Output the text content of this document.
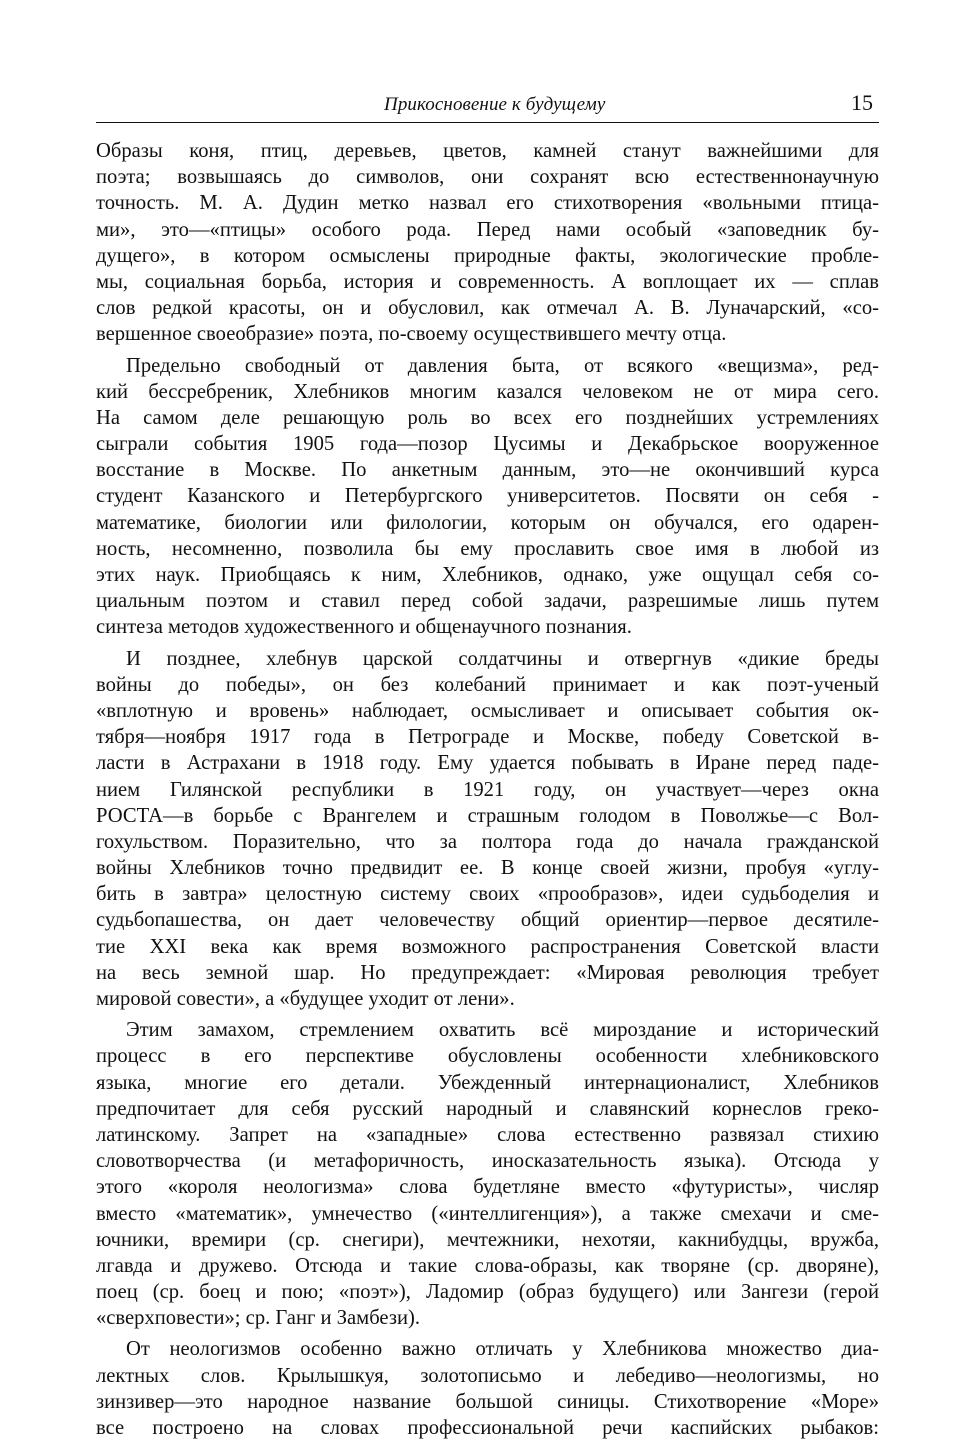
Прикосновение к будущему	15
Образы коня, птиц, деревьев, цветов, камней станут важнейшими для
поэта; возвышаясь до символов, они сохранят всю естественнонаучную
точность. М. А. Дудин метко назвал его стихотворения «вольными птица-
ми», это—«птицы» особого рода. Перед нами особый «заповедник бу-
дущего», в котором осмыслены природные факты, экологические пробле-
мы, социальная борьба, история и современность. А воплощает их — сплав
слов редкой красоты, он и обусловил, как отмечал А. В. Луначарский, «со-
вершенное своеобразие» поэта, по-своему осуществившего мечту отца.
Предельно свободный от давления быта, от всякого «вещизма», ред-
кий бессребреник, Хлебников многим казался человеком не от мира сего.
На самом деле решающую роль во всех его позднейших устремлениях
сыграли события 1905 года—позор Цусимы и Декабрьское вооруженное
восстание в Москве. По анкетным данным, это—не окончивший курса
студент Казанского и Петербургского университетов. Посвяти он себя -
математике, биологии или филологии, которым он обучался, его одарен-
ность, несомненно, позволила бы ему прославить свое имя в любой из
этих наук. Приобщаясь к ним, Хлебников, однако, уже ощущал себя со-
циальным поэтом и ставил перед собой задачи, разрешимые лишь путем
синтеза методов художественного и общенаучного познания.
И позднее, хлебнув царской солдатчины и отвергнув «дикие бреды
войны до победы», он без колебаний принимает и как поэт-ученый
«вплотную и вровень» наблюдает, осмысливает и описывает события ок-
тября—ноября 1917 года в Петрограде и Москве, победу Советской в-
ласти в Астрахани в 1918 году. Ему удается побывать в Иране перед паде-
нием Гилянской республики в 1921 году, он участвует—через окна
РОСТА—в борьбе с Врангелем и страшным голодом в Поволжье—с Вол-
гохульством. Поразительно, что за полтора года до начала гражданской
войны Хлебников точно предвидит ее. В конце своей жизни, пробуя «углу-
бить в завтра» целостную систему своих «прообразов», идеи судьбоделия и
судьбопашества, он дает человечеству общий ориентир—первое десятиле-
тие XXI века как время возможного распространения Советской власти
на весь земной шар. Но предупреждает: «Мировая революция требует
мировой совести», а «будущее уходит от лени».
Этим замахом, стремлением охватить всё мироздание и исторический
процесс в его перспективе обусловлены особенности хлебниковского
языка, многие его детали. Убежденный интернационалист, Хлебников
предпочитает для себя русский народный и славянский корнеслов греко-
латинскому. Запрет на «западные» слова естественно развязал стихию
словотворчества (и метафоричность, иносказательность языка). Отсюда у
этого «короля неологизма» слова будетляне вместо «футуристы», числяр
вместо «математик», умнечество («интеллигенция»), а также смехачи и сме-
ючники, времири (ср. снегири), мечтежники, нехотяи, какнибудцы, вружба,
лгавда и дружево. Отсюда и такие слова-образы, как творяне (ср. дворяне),
поец (ср. боец и пою; «поэт»), Ладомир (образ будущего) или Зангези (герой
«сверхповести»; ср. Ганг и Замбези).
От неологизмов особенно важно отличать у Хлебникова множество диа-
лектных слов. Крылышкуя, золотописьмо и лебедиво—неологизмы, но
зинзивер—это народное название большой синицы. Стихотворение «Море»
все построено на словах профессиональной речи каспийских рыбаков:
